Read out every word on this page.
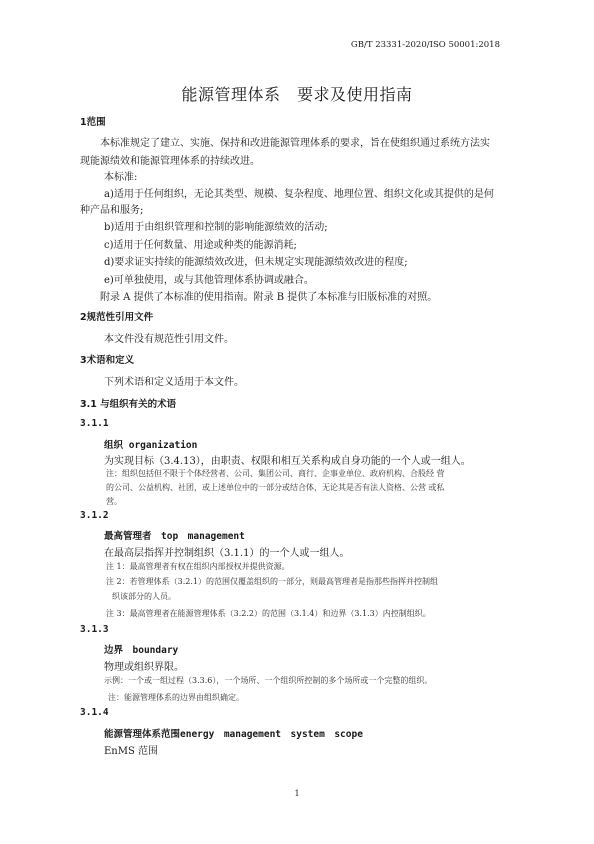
GB/T 23331-2020/ISO 50001:2018
能源管理体系　要求及使用指南
1范围
本标准规定了建立、实施、保持和改进能源管理体系的要求，旨在使组织通过系统方法实
现能源绩效和能源管理体系的持续改进。
本标准:
a)适用于任何组织，无论其类型、规模、复杂程度、地理位置、组织文化或其提供的是何
种产品和服务;
b)适用于由组织管理和控制的影响能源绩效的活动;
c)适用于任何数量、用途或种类的能源消耗;
d)要求证实持续的能源绩效改进，但未规定实现能源绩效改进的程度;
e)可单独使用，或与其他管理体系协调或融合。
附录 A 提供了本标准的使用指南。附录 B 提供了本标准与旧版标准的对照。
2规范性引用文件
本文件没有规范性引用文件。
3术语和定义
下列术语和定义适用于本文件。
3.1 与组织有关的术语
3.1.1
组织 organization
为实现目标（3.4.13），由职责、权限和相互关系构成自身功能的一个人或一组人。
注：组织包括但不限于个体经营者、公司、集团公司、商行、企事业单位、政府机构、合股经 营
的公司、公益机构、社团，或上述单位中的一部分或结合体，无论其是否有法人资格、公营 或私
营。
3.1.2
最高管理者　top　management
在最高层指挥并控制组织（3.1.1）的一个人或一组人。
注 1：最高管理者有权在组织内部授权并提供资源。
注 2：若管理体系（3.2.1）的范围仅覆盖组织的一部分，则最高管理者是指那些指挥并控制组
织该部分的人员。
注 3：最高管理者在能源管理体系（3.2.2）的范围（3.1.4）和边界（3.1.3）内控制组织。
3.1.3
边界　boundary
物理或组织界限。
示例：一个或一组过程（3.3.6），一个场所、一个组织所控制的多个场所或一个完整的组织。
注：能源管理体系的边界由组织确定。
3.1.4
能源管理体系范围energy　management　system　scope
EnMS 范围
1
